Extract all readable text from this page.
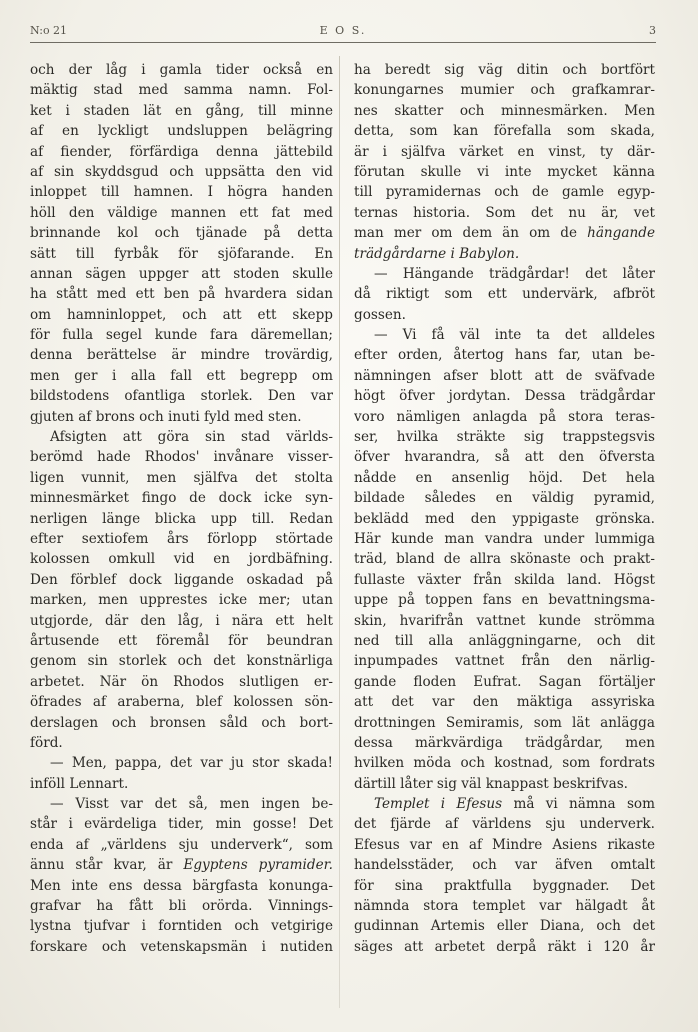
N:o 21	E O S.	3
och der låg i gamla tider också en
mäktig stad med samma namn. Fol-
ket i staden lät en gång, till minne
af en lyckligt undsluppen belägring
af fiender, förfärdiga denna jättebild
af sin skyddsgud och uppsätta den vid
inloppet till hamnen. I högra handen
höll den väldige mannen ett fat med
brinnande kol och tjänade på detta
sätt till fyrbåk för sjöfarande. En
annan sägen uppger att stoden skulle
ha stått med ett ben på hvardera sidan
om hamninloppet, och att ett skepp
för fulla segel kunde fara däremellan;
denna berättelse är mindre trovärdig,
men ger i alla fall ett begrepp om
bildstodens ofantliga storlek. Den var
gjuten af brons och inuti fyld med sten.
Afsigten att göra sin stad världs-
berömd hade Rhodos' invånare visser-
ligen vunnit, men själfva det stolta
minnesmärket fingo de dock icke syn-
nerligen länge blicka upp till. Redan
efter sextiofem års förlopp störtade
kolossen omkull vid en jordbäfning.
Den förblef dock liggande oskadad på
marken, men upprestes icke mer; utan
utgjorde, där den låg, i nära ett helt
årtusende ett föremål för beundran
genom sin storlek och det konstnärliga
arbetet. När ön Rhodos slutligen er-
öfrades af araberna, blef kolossen sön-
derslagen och bronsen såld och bort-
förd.
— Men, pappa, det var ju stor skada!
inföll Lennart.
— Visst var det så, men ingen be-
står i evärdeliga tider, min gosse! Det
enda af „världens sju underverk“, som
ännu står kvar, är Egyptens pyramider.
Men inte ens dessa bärgfasta konunga-
grafvar ha fått bli orörda. Vinnings-
lystna tjufvar i forntiden och vetgirige
forskare och vetenskapsmän i nutiden
ha beredt sig väg ditin och bortfört
konungarnes mumier och grafkamrar-
nes skatter och minnesmärken. Men
detta, som kan förefalla som skada,
är i själfva värket en vinst, ty där-
förutan skulle vi inte mycket känna
till pyramidernas och de gamle egyp-
ternas historia. Som det nu är, vet
man mer om dem än om de hängande
trädgårdarne i Babylon.
— Hängande trädgårdar! det låter
då riktigt som ett undervärk, afbröt
gossen.
— Vi få väl inte ta det alldeles
efter orden, återtog hans far, utan be-
nämningen afser blott att de sväfvade
högt öfver jordytan. Dessa trädgårdar
voro nämligen anlagda på stora teras-
ser, hvilka sträkte sig trappstegsvis
öfver hvarandra, så att den öfversta
nådde en ansenlig höjd. Det hela
bildade således en väldig pyramid,
beklädd med den yppigaste grönska.
Här kunde man vandra under lummiga
träd, bland de allra skönaste och prakt-
fullaste växter från skilda land. Högst
uppe på toppen fans en bevattningsma-
skin, hvarifrån vattnet kunde strömma
ned till alla anläggningarne, och dit
inpumpades vattnet från den närlig-
gande floden Eufrat. Sagan förtäljer
att det var den mäktiga assyriska
drottningen Semiramis, som lät anlägga
dessa märkvärdiga trädgårdar, men
hvilken möda och kostnad, som fordrats
därtill låter sig väl knappast beskrifvas.
Templet i Efesus må vi nämna som
det fjärde af världens sju underverk.
Efesus var en af Mindre Asiens rikaste
handelsstäder, och var äfven omtalt
för sina praktfulla byggnader. Det
nämnda stora templet var hälgadt åt
gudinnan Artemis eller Diana, och det
säges att arbetet derpå räkt i 120 år
